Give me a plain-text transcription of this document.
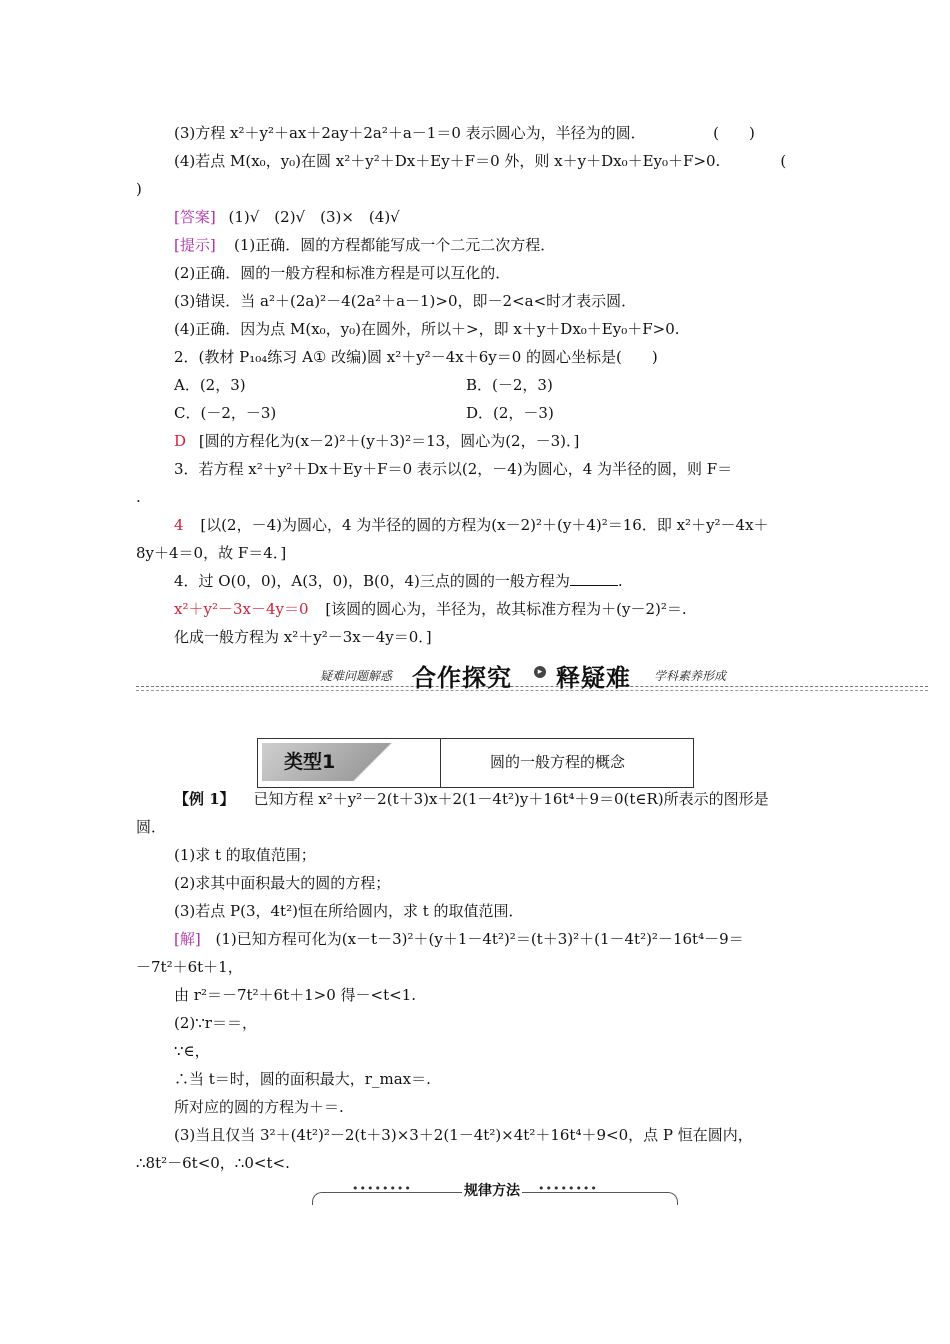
(3)方程 x²＋y²＋ax＋2ay＋2a²＋a－1＝0 表示圆心为，半径为的圆．　　　　　(　　)
(4)若点 M(x₀，y₀)在圆 x²＋y²＋Dx＋Ey＋F＝0 外，则 x＋y＋Dx₀＋Ey₀＋F>0.　　　　(
)
(1)正确．圆的方程都能写成一个二元二次方程．
(2)正确．圆的一般方程和标准方程是可以互化的．
(3)错误．当 a²＋(2a)²－4(2a²＋a－1)>0，即－2<a<时才表示圆．
(4)正确．因为点 M(x₀，y₀)在圆外，所以＋>，即 x＋y＋Dx₀＋Ey₀＋F>0.
2．(教材 P₁₀₄练习 A① 改编)圆 x²＋y²－4x＋6y＝0 的圆心坐标是(　　)
A．(2，3)	B．(－2，3)
C．(－2，－3)	D．(2，－3)
3．若方程 x²＋y²＋Dx＋Ey＋F＝0 表示以(2，－4)为圆心，4 为半径的圆，则 F＝
.
8y＋4＝0，故 F＝4．]
化成一般方程为 x²＋y²－3x－4y＝0．]
圆．
(1)求 t 的取值范围；
(2)求其中面积最大的圆的方程；
(3)若点 P(3，4t²)恒在所给圆内，求 t 的取值范围．
－7t²＋6t＋1，
由 r²＝－7t²＋6t＋1>0 得－<t<1.
(2)∵r＝＝，
∵∈，
∴当 t＝时，圆的面积最大，r_max＝.
所对应的圆的方程为＋＝.
(3)当且仅当 3²＋(4t²)²－2(t＋3)×3＋2(1－4t²)×4t²＋16t⁴＋9<0，点 P 恒在圆内，
∴8t²－6t<0，∴0<t<.
[答案] (1)√　(2)√　(3)×　(4)√
[提示]
D [圆的方程化为(x－2)²＋(y＋3)²＝13，圆心为(2，－3)．]
4 [以(2，－4)为圆心，4 为半径的圆的方程为(x－2)²＋(y＋4)²＝16．即 x²＋y²－4x＋
4．过 O(0，0)，A(3，0)，B(0，4)三点的圆的一般方程为	.
x²＋y²－3x－4y＝0 [该圆的圆心为，半径为，故其标准方程为＋(y－2)²＝.
疑难问题解惑 合作探究	▸ 释疑难 学科素养形成
类型1	圆的一般方程的概念
【例 1】 已知方程 x²＋y²－2(t＋3)x＋2(1－4t²)y＋16t⁴＋9＝0(t∈R)所表示的图形是
[解] (1)已知方程可化为(x－t－3)²＋(y＋1－4t²)²＝(t＋3)²＋(1－4t²)²－16t⁴－9＝
••••••••	规律方法 ••••••••
